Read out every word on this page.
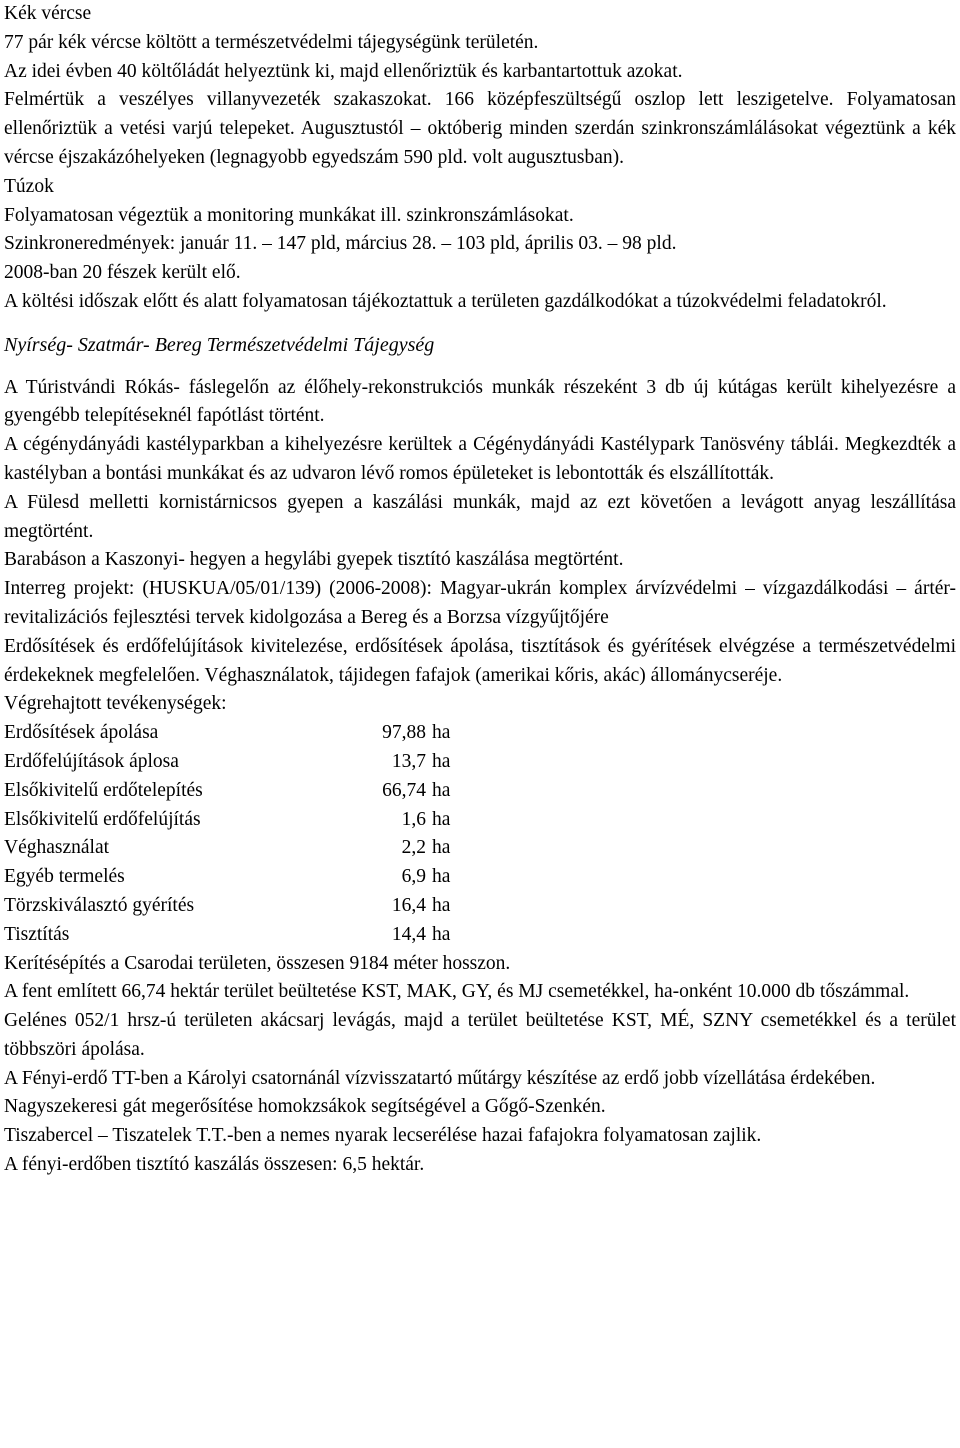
Kék vércse

77 pár kék vércse költött a természetvédelmi tájegységünk területén.

Az idei évben 40 költőládát helyeztünk ki, majd ellenőriztük és karbantartottuk azokat.

Felmértük a veszélyes villanyvezeték szakaszokat. 166 középfeszültségű oszlop lett leszigetelve. Folyamatosan ellenőriztük a vetési varjú telepeket. Augusztustól – októberig minden szerdán szinkronszámlálásokat végeztünk a kék vércse éjszakázóhelyeken (legnagyobb egyedszám 590 pld. volt augusztusban).

Túzok

Folyamatosan végeztük a monitoring munkákat ill. szinkronszámlásokat.

Szinkroneredmények: január 11. – 147 pld, március 28. – 103 pld, április 03. – 98 pld.

2008-ban 20 fészek került elő.

A költési időszak előtt és alatt folyamatosan tájékoztattuk a területen gazdálkodókat a túzokvédelmi feladatokról.

Nyírség- Szatmár- Bereg Természetvédelmi Tájegység

A Túristvándi Rókás- fáslegelőn az élőhely-rekonstrukciós munkák részeként 3 db új kútágas került kihelyezésre a gyengébb telepítéseknél fapótlást történt.

A cégénydányádi kastélyparkban a kihelyezésre kerültek a Cégénydányádi Kastélypark Tanösvény táblái. Megkezdték a kastélyban a bontási munkákat és az udvaron lévő romos épületeket is lebontották és elszállították.

A Fülesd melletti kornistárnicsos gyepen a kaszálási munkák, majd az ezt követően a levágott anyag leszállítása megtörtént.

Barabáson a Kaszonyi- hegyen a hegylábi gyepek tisztító kaszálása megtörtént.

Interreg projekt: (HUSKUA/05/01/139) (2006-2008): Magyar-ukrán komplex árvízvédelmi – vízgazdálkodási – ártér-revitalizációs fejlesztési tervek kidolgozása a Bereg és a Borzsa vízgyűjtőjére

Erdősítések és erdőfelújítások kivitelezése, erdősítések ápolása, tisztítások és gyérítések elvégzése a természetvédelmi érdekeknek megfelelően. Véghasználatok, tájidegen fafajok (amerikai kőris, akác) állománycseréje.

Végrehajtott tevékenységek:

Erdősítések ápolása	97,88	ha
Erdőfelújítások áplosa	13,7	ha
Elsőkivitelű erdőtelepítés	66,74	ha
Elsőkivitelű erdőfelújítás	1,6	ha
Véghasználat	2,2	ha
Egyéb termelés	6,9	ha
Törzskiválasztó gyérítés	16,4	ha
Tisztítás	14,4	ha

Kerítésépítés a Csarodai területen, összesen 9184 méter hosszon.

A fent említett 66,74 hektár terület beültetése KST, MAK, GY, és MJ csemetékkel, ha-onként 10.000 db tőszámmal.

Gelénes 052/1 hrsz-ú területen akácsarj levágás, majd a terület beültetése KST, MÉ, SZNY csemetékkel és a terület többszöri ápolása.

A Fényi-erdő TT-ben a Károlyi csatornánál vízvisszatartó műtárgy készítése az erdő jobb vízellátása érdekében.

Nagyszekeresi gát megerősítése homokzsákok segítségével a Gőgő-Szenkén.

Tiszabercel – Tiszatelek T.T.-ben a nemes nyarak lecserélése hazai fafajokra folyamatosan zajlik.

A fényi-erdőben tisztító kaszálás összesen: 6,5 hektár.
